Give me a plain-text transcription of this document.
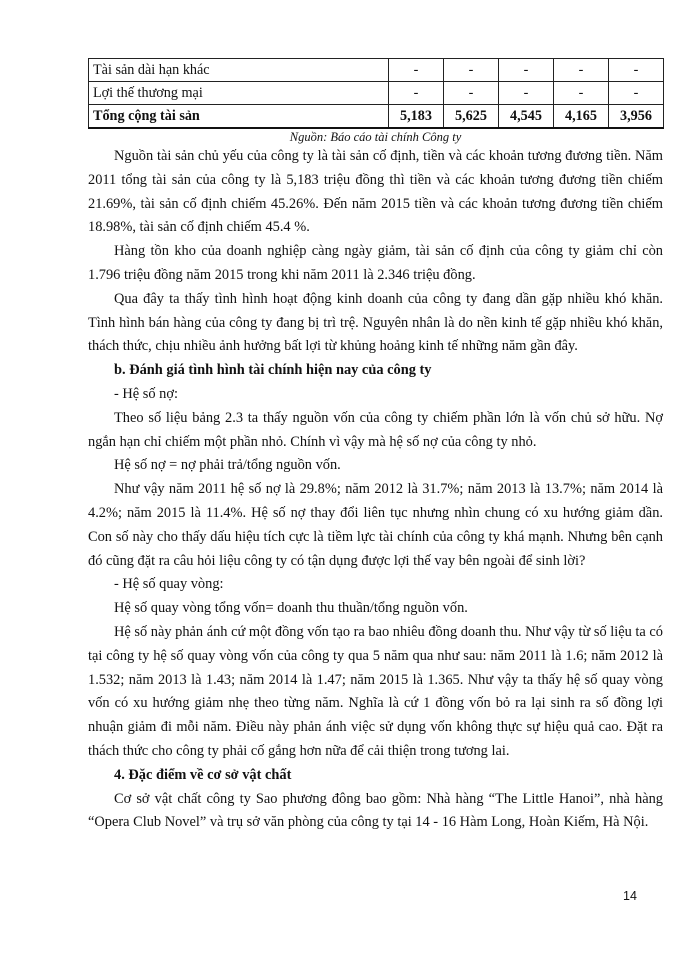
Tài sản dài hạn khác	-	-	-	-	-
Lợi thế thương mại	-	-	-	-	-
Tổng cộng tài sản	5,183	5,625	4,545	4,165	3,956

Nguồn: Báo cáo tài chính Công ty

Nguồn tài sản chủ yếu của công ty là tài sản cố định, tiền và các khoản tương đương tiền. Năm 2011 tổng tài sản của công ty là 5,183 triệu đồng thì tiền và các khoản tương đương tiền chiếm 21.69%, tài sản cố định chiếm 45.26%. Đến năm 2015 tiền và các khoản tương đương tiền chiếm 18.98%, tài sản cố định chiếm 45.4 %.

Hàng tồn kho của doanh nghiệp càng ngày giảm, tài sản cố định của công ty giảm chỉ còn 1.796 triệu đồng năm 2015 trong khi năm 2011 là 2.346 triệu đồng.

Qua đây ta thấy tình hình hoạt động kinh doanh của công ty đang dần gặp nhiều khó khăn. Tình hình bán hàng của công ty đang bị trì trệ. Nguyên nhân là do nền kinh tế gặp nhiều khó khăn, thách thức, chịu nhiều ảnh hưởng bất lợi từ khủng hoảng kinh tế những năm gần đây.

b. Đánh giá tình hình tài chính hiện nay của công ty

- Hệ số nợ:

Theo số liệu bảng 2.3 ta thấy nguồn vốn của công ty chiếm phần lớn là vốn chủ sở hữu. Nợ ngắn hạn chỉ chiếm một phần nhỏ. Chính vì vậy mà hệ số nợ của công ty nhỏ.

Hệ số nợ = nợ phải trả/tổng nguồn vốn.

Như vậy năm 2011 hệ số nợ là 29.8%; năm 2012 là 31.7%; năm 2013 là 13.7%; năm 2014 là 4.2%; năm 2015 là 11.4%. Hệ số nợ thay đổi liên tục nhưng nhìn chung có xu hướng giảm dần. Con số này cho thấy dấu hiệu tích cực là tiềm lực tài chính của công ty khá mạnh. Nhưng bên cạnh đó cũng đặt ra câu hỏi liệu công ty có tận dụng được lợi thế vay bên ngoài để sinh lời?

- Hệ số quay vòng:

Hệ số quay vòng tổng vốn= doanh thu thuần/tổng nguồn vốn.

Hệ số này phản ánh cứ một đồng vốn tạo ra bao nhiêu đồng doanh thu. Như vậy từ số liệu ta có tại công ty hệ số quay vòng vốn của công ty qua 5 năm qua như sau: năm 2011 là 1.6; năm 2012 là 1.532; năm 2013 là 1.43; năm 2014 là 1.47; năm 2015 là 1.365. Như vậy ta thấy hệ số quay vòng vốn có xu hướng giảm nhẹ theo từng năm. Nghĩa là cứ 1 đồng vốn bỏ ra lại sinh ra số đồng lợi nhuận giảm đi mỗi năm. Điều này phản ánh việc sử dụng vốn không thực sự hiệu quả cao. Đặt ra thách thức cho công ty phải cố gắng hơn nữa để cải thiện trong tương lai.

4. Đặc điểm về cơ sở vật chất

Cơ sở vật chất công ty Sao phương đông bao gồm: Nhà hàng “The Little Hanoi”, nhà hàng “Opera Club Novel” và trụ sở văn phòng của công ty tại 14 - 16 Hàm Long, Hoàn Kiếm, Hà Nội.

14
